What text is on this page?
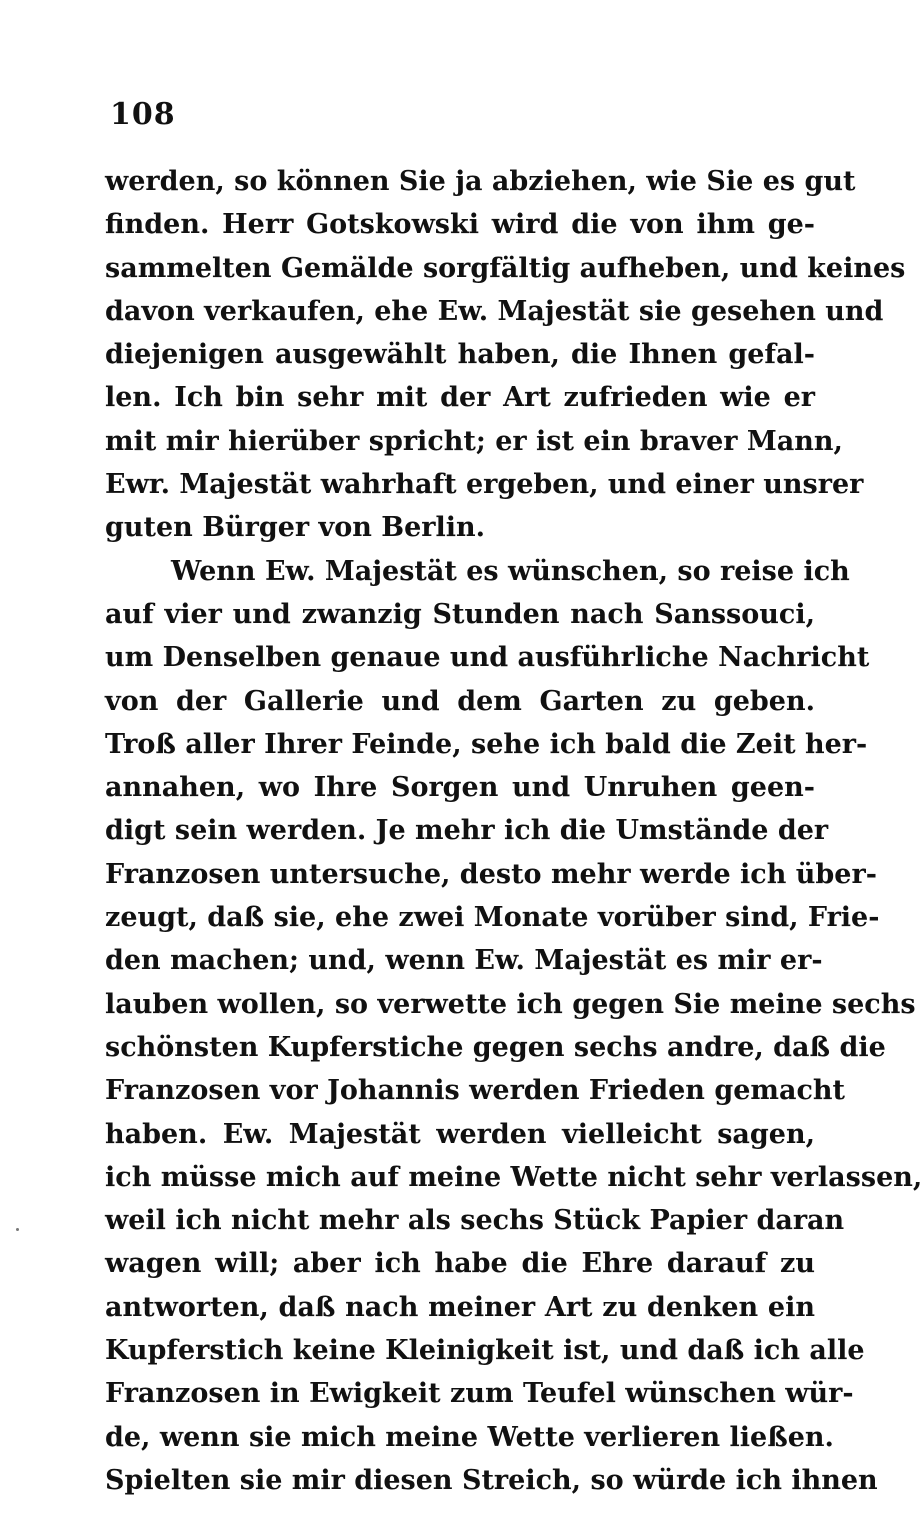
108
werden, so können Sie ja abziehen, wie Sie es gut
finden. Herr Gotskowski wird die von ihm ge-
sammelten Gemälde sorgfältig aufheben, und keines
davon verkaufen, ehe Ew. Majestät sie gesehen und
diejenigen ausgewählt haben, die Ihnen gefal-
len. Ich bin sehr mit der Art zufrieden wie er
mit mir hierüber spricht; er ist ein braver Mann,
Ewr. Majestät wahrhaft ergeben, und einer unsrer
guten Bürger von Berlin.
Wenn Ew. Majestät es wünschen, so reise ich
auf vier und zwanzig Stunden nach Sanssouci,
um Denselben genaue und ausführliche Nachricht
von der Gallerie und dem Garten zu geben.
Troß aller Ihrer Feinde, sehe ich bald die Zeit her-
annahen, wo Ihre Sorgen und Unruhen geen-
digt sein werden. Je mehr ich die Umstände der
Franzosen untersuche, desto mehr werde ich über-
zeugt, daß sie, ehe zwei Monate vorüber sind, Frie-
den machen; und, wenn Ew. Majestät es mir er-
lauben wollen, so verwette ich gegen Sie meine sechs
schönsten Kupferstiche gegen sechs andre, daß die
Franzosen vor Johannis werden Frieden gemacht
haben. Ew. Majestät werden vielleicht sagen,
ich müsse mich auf meine Wette nicht sehr verlassen,
weil ich nicht mehr als sechs Stück Papier daran
wagen will; aber ich habe die Ehre darauf zu
antworten, daß nach meiner Art zu denken ein
Kupferstich keine Kleinigkeit ist, und daß ich alle
Franzosen in Ewigkeit zum Teufel wünschen wür-
de, wenn sie mich meine Wette verlieren ließen.
Spielten sie mir diesen Streich, so würde ich ihnen
